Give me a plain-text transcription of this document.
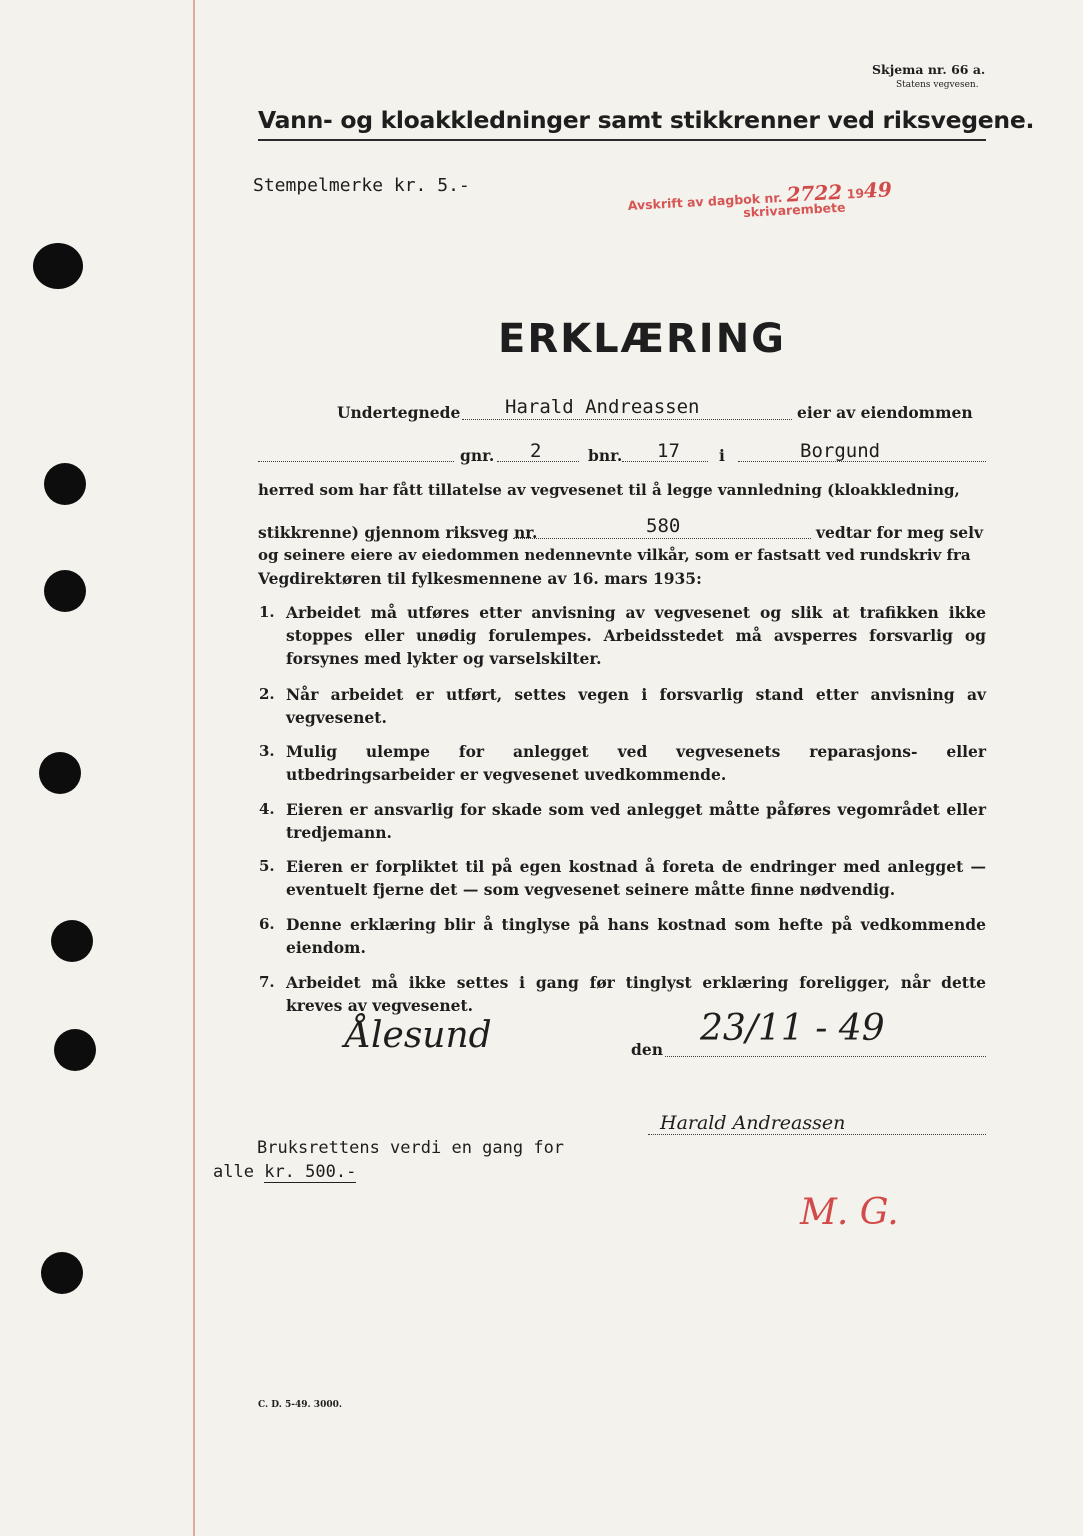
Skjema nr. 66 a.
Statens vegvesen.
Vann- og kloakkledninger samt stikkrenner ved riksvegene.
Stempelmerke kr. 5.-
Avskrift av dagbok nr. 2722 1949
skrivarembete
ERKLÆRING
Undertegnede Harald Andreassen	eier av eiendommen
gnr. 2	bnr. 17	i	Borgund
herred som har fått tillatelse av vegvesenet til å legge vannledning (kloakkledning,
stikkrenne) gjennom riksveg nr.	580	vedtar for meg selv
og seinere eiere av eiedommen nedennevnte vilkår, som er fastsatt ved rundskriv fra
Vegdirektøren til fylkesmennene av 16. mars 1935:
1. Arbeidet må utføres etter anvisning av vegvesenet og slik at trafikken ikke stoppes eller unødig forulempes. Arbeidsstedet må avsperres forsvarlig og forsynes med lykter og varselskilter.
2. Når arbeidet er utført, settes vegen i forsvarlig stand etter anvisning av vegvesenet.
3. Mulig ulempe for anlegget ved vegvesenets reparasjons- eller utbedringsarbeider er vegvesenet uvedkommende.
4. Eieren er ansvarlig for skade som ved anlegget måtte påføres vegområdet eller tredjemann.
5. Eieren er forpliktet til på egen kostnad å foreta de endringer med anlegget — eventuelt fjerne det — som vegvesenet seinere måtte finne nødvendig.
6. Denne erklæring blir å tinglyse på hans kostnad som hefte på vedkommende eiendom.
7. Arbeidet må ikke settes i gang før tinglyst erklæring foreligger, når dette kreves av vegvesenet.
Ålesund	den
23/11 - 49
Harald Andreassen
Bruksrettens verdi en gang for
alle kr. 500.-
M. G.
C. D. 5-49. 3000.
